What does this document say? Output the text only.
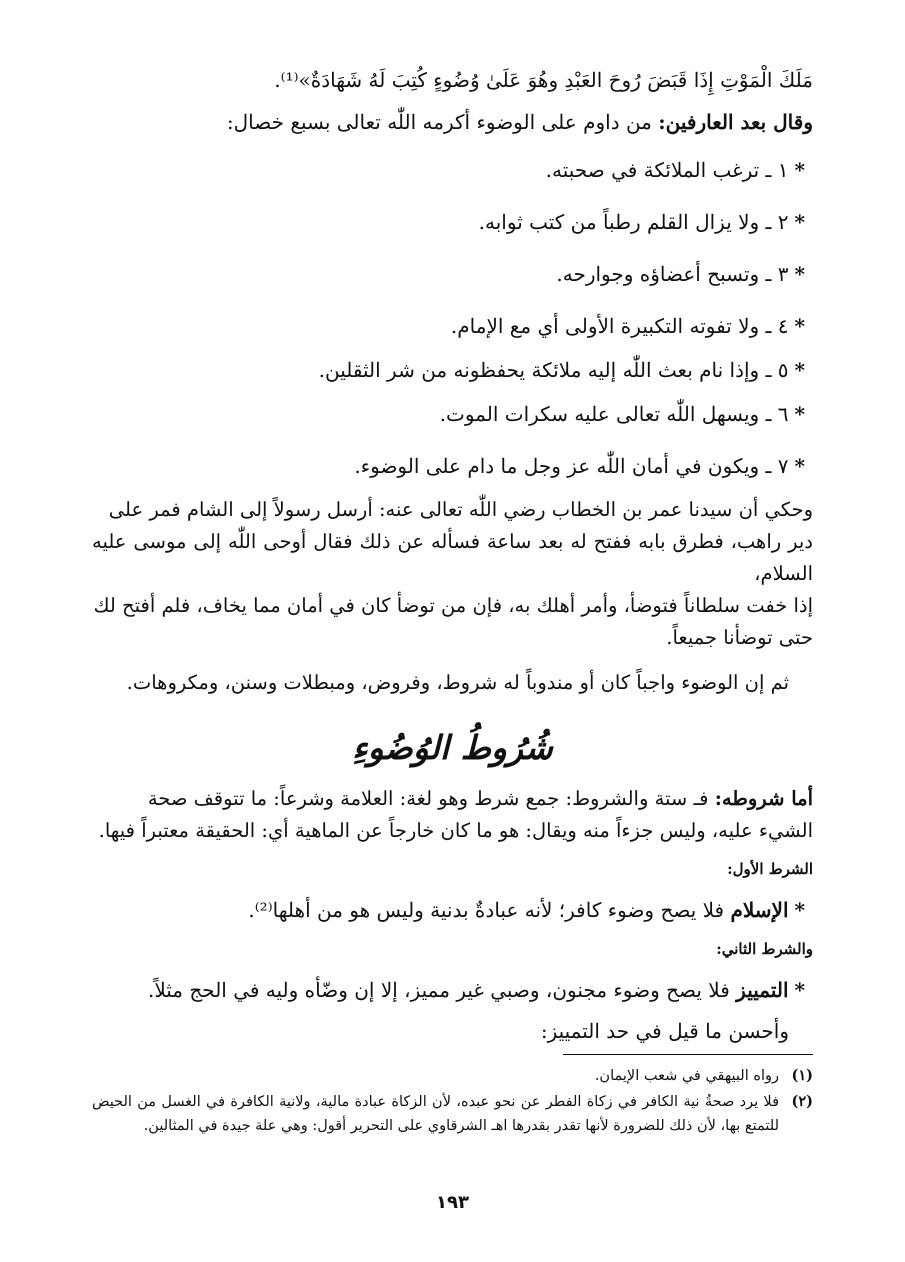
مَلَكَ الْمَوْتِ إِذَا قَبَضَ رُوحَ العَبْدِ وهُوَ عَلَىٰ وُضُوءٍ كُتِبَ لَهُ شَهَادَةٌ»⁽¹⁾.

وقال بعد العارفين: من داوم على الوضوء أكرمه اللّٰه تعالى بسبع خصال:

*١ ـ ترغب الملائكة في صحبته.
*٢ ـ ولا يزال القلم رطباً من كتب ثوابه.
*٣ ـ وتسبح أعضاؤه وجوارحه.
*٤ ـ ولا تفوته التكبيرة الأولى أي مع الإمام.
*٥ ـ وإذا نام بعث اللّٰه إليه ملائكة يحفظونه من شر الثقلين.
*٦ ـ ويسهل اللّٰه تعالى عليه سكرات الموت.
*٧ ـ ويكون في أمان اللّٰه عز وجل ما دام على الوضوء.
وحكي أن سيدنا عمر بن الخطاب رضي اللّٰه تعالى عنه: أرسل رسولاً إلى الشام فمر على
دير راهب، فطرق بابه ففتح له بعد ساعة فسأله عن ذلك فقال أوحى اللّٰه إلى موسى عليه السلام،
إذا خفت سلطاناً فتوضأ، وأمر أهلك به، فإن من توضأ كان في أمان مما يخاف، فلم أفتح لك
حتى توضأنا جميعاً.

ثم إن الوضوء واجباً كان أو مندوباً له شروط، وفروض، ومبطلات وسنن، ومكروهات.

شُرُوطُ الوُضُوءِ
أما شروطه: فـ ستة والشروط: جمع شرط وهو لغة: العلامة وشرعاً: ما تتوقف صحة
الشيء عليه، وليس جزءاً منه ويقال: هو ما كان خارجاً عن الماهية أي: الحقيقة معتبراً فيها.
الشرط الأول:

*الإسلام فلا يصح وضوء كافر؛ لأنه عبادةٌ بدنية وليس هو من أهلها⁽²⁾.

والشرط الثاني:

*التمييز فلا يصح وضوء مجنون، وصبي غير مميز، إلا إن وضّأه وليه في الحج مثلاً.

وأحسن ما قيل في حد التمييز:

(١)
رواه البيهقي في شعب الإيمان.
(٢)
فلا يرد صحةُ نية الكافر في زكاة الفطر عن نحو عبده، لأن الزكاة عبادة مالية، ولانية الكافرة في الغسل من الحيض للتمتع بها، لأن ذلك للضرورة لأنها تقدر بقدرها اهـ الشرقاوي على التحرير أقول: وهي علة جيدة في المثالين.
١٩٣
